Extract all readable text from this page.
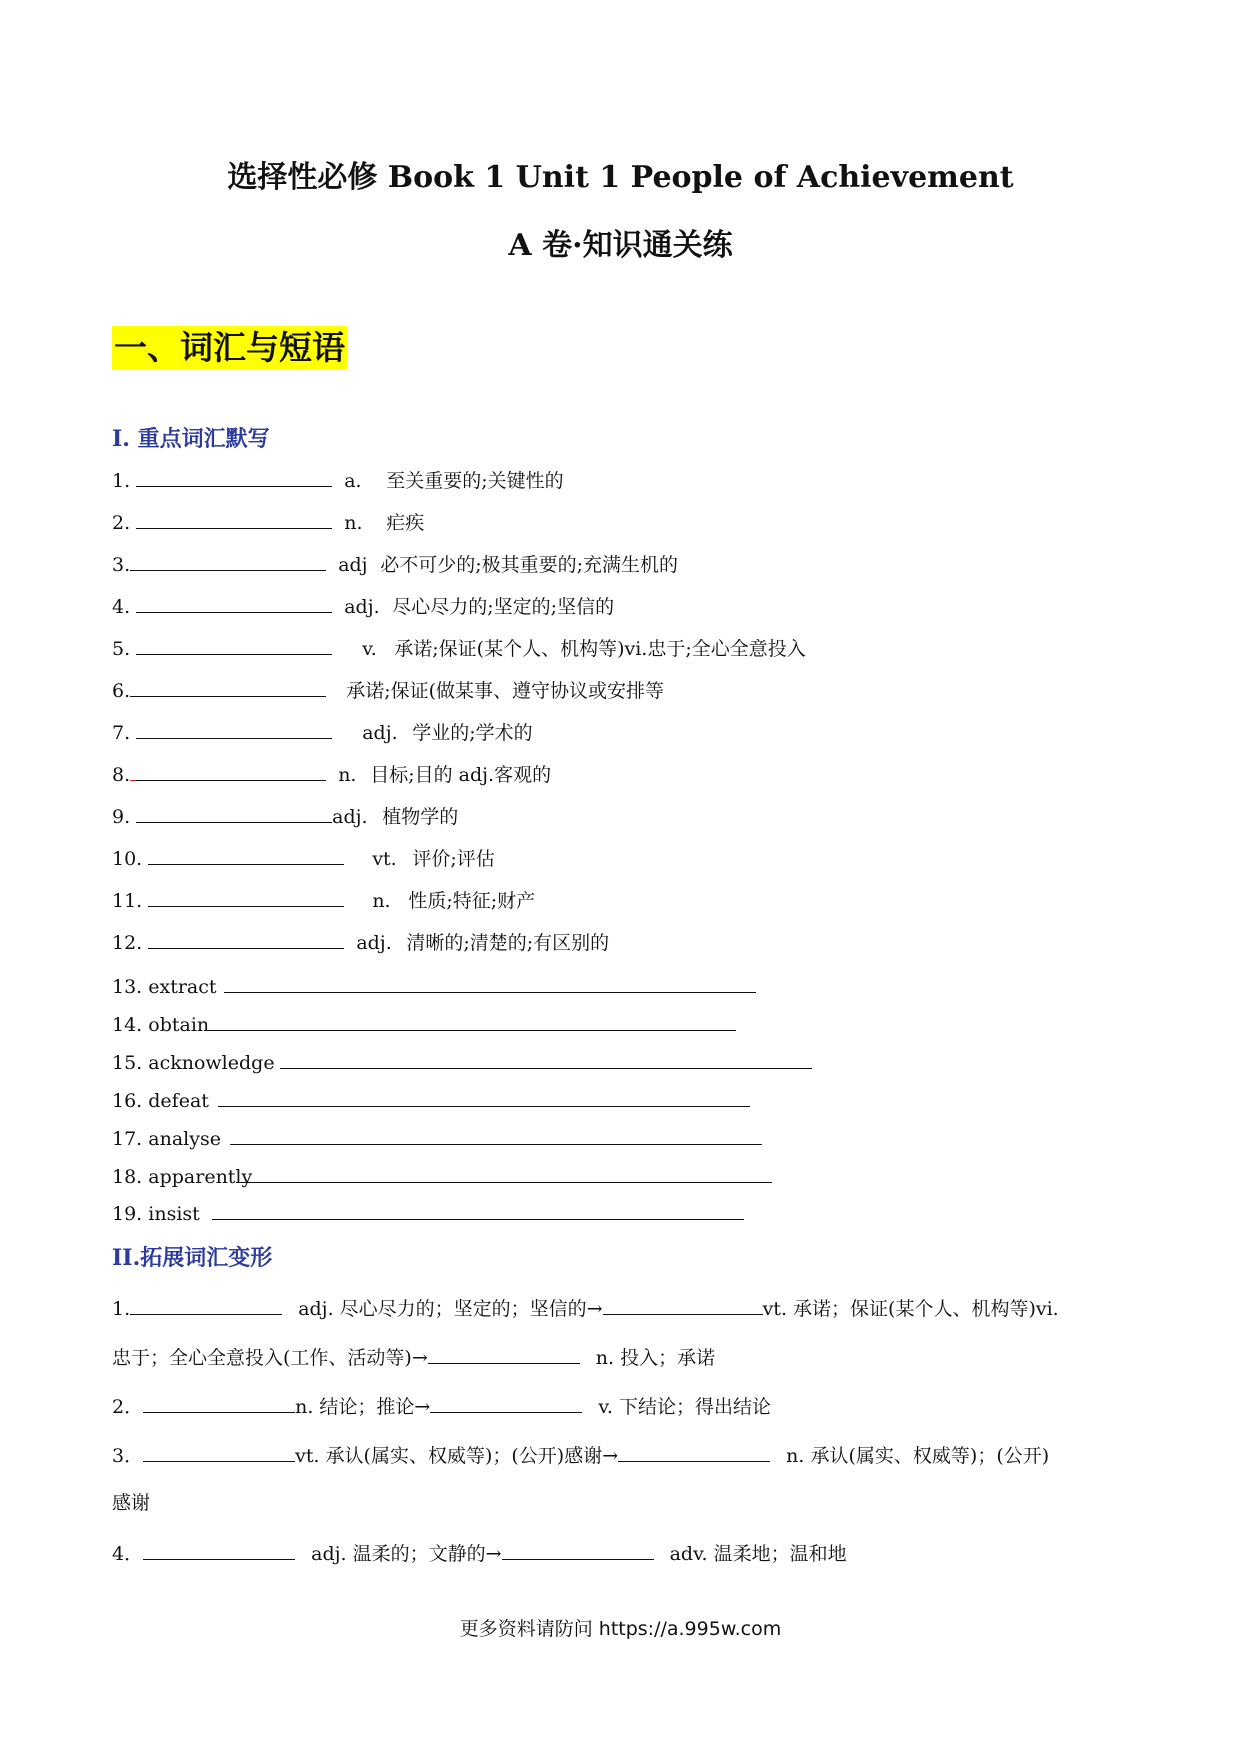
选择性必修 Book 1 Unit 1 People of Achievement
A 卷·知识通关练
一、词汇与短语
I. 重点词汇默写
1.	a. 至关重要的;关键性的
2.	n. 疟疾
3.	adj 必不可少的;极其重要的;充满生机的
4.	adj. 尽心尽力的;坚定的;坚信的
5.	v. 承诺;保证(某个人、机构等)vi.忠于;全心全意投入
6.	承诺;保证(做某事、遵守协议或安排等
7.	adj. 学业的;学术的
8.	n. 目标;目的 adj.客观的
9.	adj. 植物学的
10.	vt. 评价;评估
11.	n. 性质;特征;财产
12.	adj. 清晰的;清楚的;有区别的
13. extract
14. obtain
15. acknowledge
16. defeat
17. analyse
18. apparently
19. insist
II.拓展词汇变形
1.	adj. 尽心尽力的；坚定的；坚信的→	vt. 承诺；保证(某个人、机构等)vi.
忠于；全心全意投入(工作、活动等)→	n. 投入；承诺
2．	n. 结论；推论→	v. 下结论；得出结论
3．	vt. 承认(属实、权威等)；(公开)感谢→	n. 承认(属实、权威等)；(公开)
感谢
4．	adj. 温柔的；文静的→	adv. 温柔地；温和地
更多资料请防问 https://a.995w.com
